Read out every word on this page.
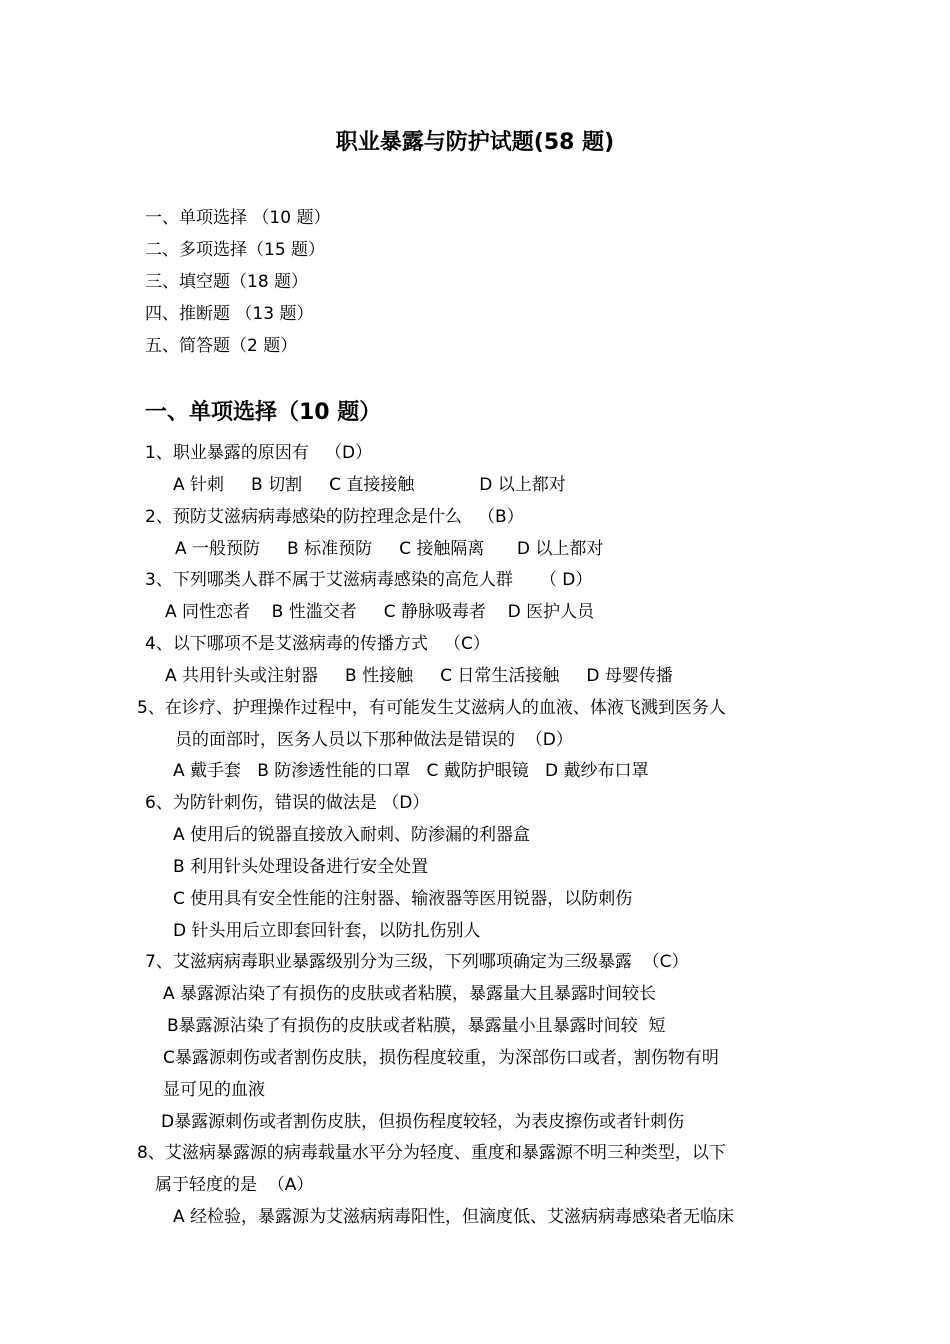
职业暴露与防护试题(58 题)
一、单项选择 （10 题）
二、多项选择（15 题）
三、填空题（18 题）
四、推断题 （13 题）
五、简答题（2 题）
一、单项选择（10 题）
1、职业暴露的原因有   （D）
A 针刺     B 切割     C 直接接触            D 以上都对
2、预防艾滋病病毒感染的防控理念是什么   （B）
A 一般预防     B 标准预防     C 接触隔离      D 以上都对
3、下列哪类人群不属于艾滋病毒感染的高危人群     （ D）
A 同性恋者    B 性滥交者     C 静脉吸毒者    D 医护人员
4、以下哪项不是艾滋病毒的传播方式   （C）
A 共用针头或注射器     B 性接触     C 日常生活接触     D 母婴传播
5、在诊疗、护理操作过程中，有可能发生艾滋病人的血液、体液飞溅到医务人
员的面部时，医务人员以下那种做法是错误的  （D）
A 戴手套   B 防渗透性能的口罩   C 戴防护眼镜   D 戴纱布口罩
6、为防针刺伤，错误的做法是 （D）
A 使用后的锐器直接放入耐刺、防渗漏的利器盒
B 利用针头处理设备进行安全处置
C 使用具有安全性能的注射器、输液器等医用锐器，以防刺伤
D 针头用后立即套回针套，以防扎伤别人
7、艾滋病病毒职业暴露级别分为三级，下列哪项确定为三级暴露  （C）
A 暴露源沾染了有损伤的皮肤或者粘膜，暴露量大且暴露时间较长
B暴露源沾染了有损伤的皮肤或者粘膜，暴露量小且暴露时间较  短
C暴露源刺伤或者割伤皮肤，损伤程度较重，为深部伤口或者，割伤物有明
显可见的血液
D暴露源刺伤或者割伤皮肤，但损伤程度较轻，为表皮擦伤或者针刺伤
8、艾滋病暴露源的病毒载量水平分为轻度、重度和暴露源不明三种类型，以下
属于轻度的是  （A）
A 经检验，暴露源为艾滋病病毒阳性，但滴度低、艾滋病病毒感染者无临床
